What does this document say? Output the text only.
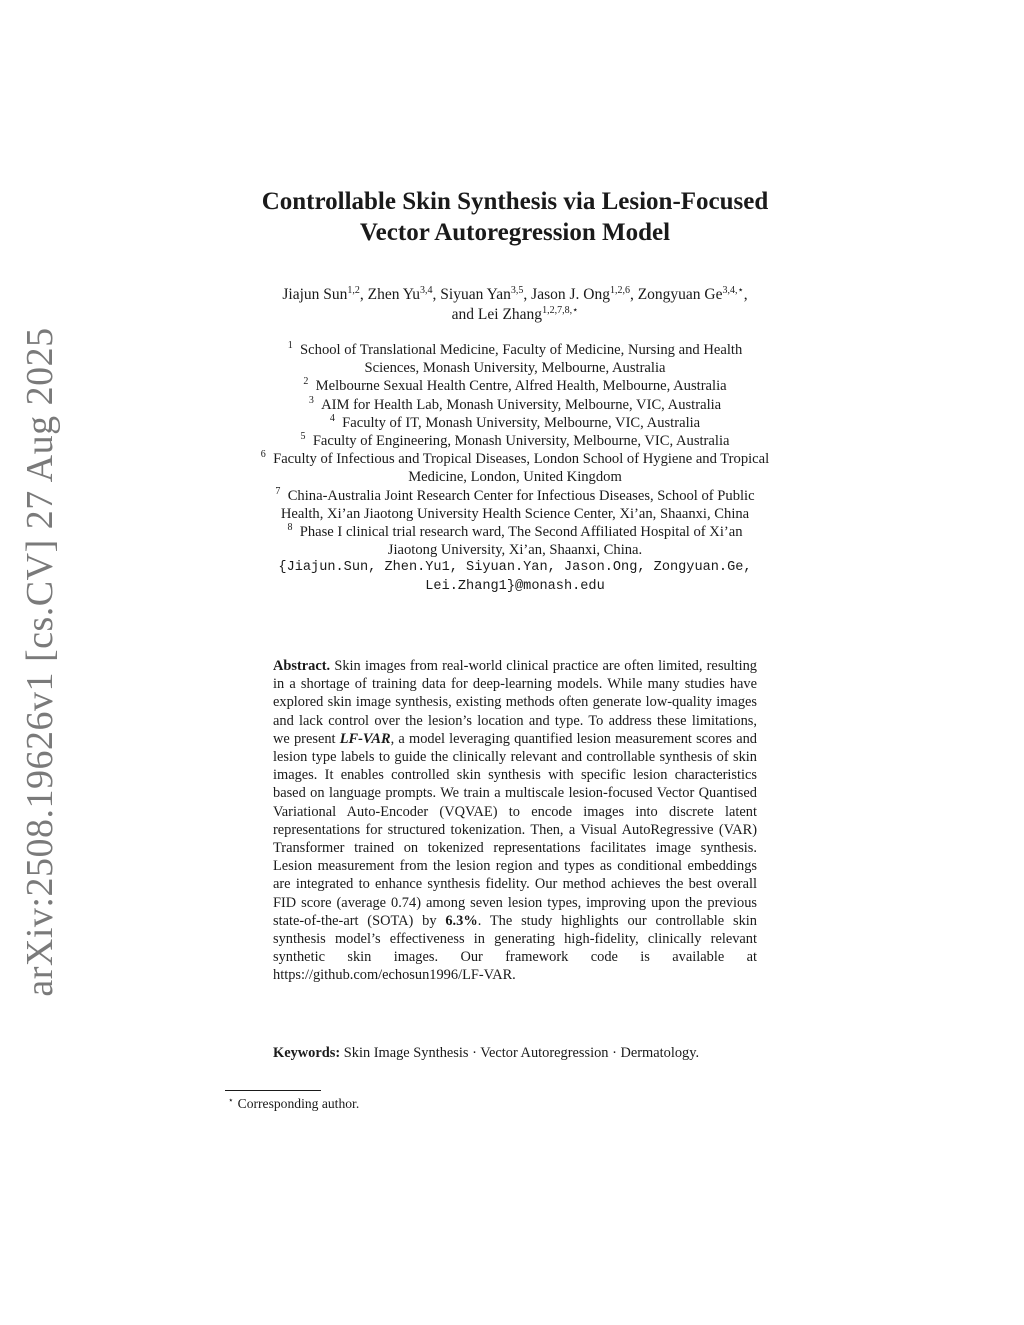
arXiv:2508.19626v1 [cs.CV] 27 Aug 2025
Controllable Skin Synthesis via Lesion-Focused
Vector Autoregression Model
Jiajun Sun$^{1,2}$, Zhen Yu$^{3,4}$, Siyuan Yan$^{3,5}$, Jason J. Ong$^{1,2,6}$, Zongyuan $Ge^{3,4,⋆}$,
and Lei Zhang$^{1,2,7,8,⋆}$
$^1$ School of Translational Medicine, Faculty of Medicine, Nursing and Health
Sciences, Monash University, Melbourne, Australia
$^2$ Melbourne Sexual Health Centre, Alfred Health, Melbourne, Australia
$^3$ AIM for Health Lab, Monash University, Melbourne, VIC, Australia
$^4$ Faculty of IT, Monash University, Melbourne, VIC, Australia
$^5$ Faculty of Engineering, Monash University, Melbourne, VIC, Australia
$^6$ Faculty of Infectious and Tropical Diseases, London School of Hygiene and Tropical
Medicine, London, United Kingdom
$^7$ China-Australia Joint Research Center for Infectious Diseases, School of Public
Health, Xi’an Jiaotong University Health Science Center, Xi’an, Shaanxi, China
$^8$ Phase I clinical trial research ward, The Second Affiliated Hospital of Xi’an
Jiaotong University, Xi’an, Shaanxi, China.
{Jiajun.Sun, Zhen.Yu1, Siyuan.Yan, Jason.Ong, Zongyuan.Ge,
Lei.Zhang1}@monash.edu

Abstract. Skin images from real-world clinical practice are often limited, resulting in a shortage of training data for deep-learning models. While many studies have explored skin image synthesis, existing methods often generate low-quality images and lack control over the lesion’s location and type. To address these limitations, we present LF-VAR, a model leveraging quantified lesion measurement scores and lesion type labels to guide the clinically relevant and controllable synthesis of skin images. It enables controlled skin synthesis with specific lesion characteristics based on language prompts. We train a multiscale lesion-focused Vector Quantised Variational Auto-Encoder (VQVAE) to encode images into discrete latent representations for structured tokenization. Then, a Visual AutoRegressive (VAR) Transformer trained on tokenized representations facilitates image synthesis. Lesion measurement from the lesion region and types as conditional embeddings are integrated to enhance synthesis fidelity. Our method achieves the best overall FID score (average 0.74) among seven lesion types, improving upon the previous state-of-the-art (SOTA) by 6.3%. The study highlights our controllable skin synthesis model’s effectiveness in generating high-fidelity, clinically relevant synthetic skin images. Our framework code is available at https://github.com/echosun1996/LF-VAR.

Keywords: Skin Image Synthesis · Vector Autoregression · Dermatology.
⋆ Corresponding author.
